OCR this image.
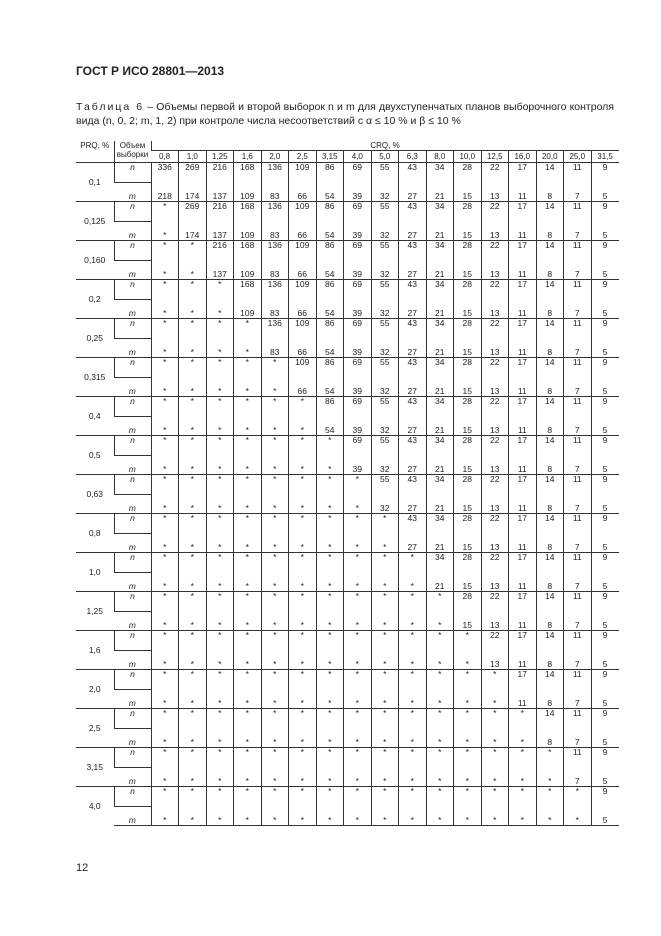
ГОСТ Р ИСО 28801—2013
Таблица 6 – Объемы первой и второй выборок n и m для двухступенчатых планов выборочного контроля вида (n, 0, 2; m, 1, 2) при контроле числа несоответствий с α ≤ 10 % и β ≤ 10 %
PRQ, %	Объем
выборки	CRQ, %																
		0,8	1,0	1,25	1,6	2,0	2,5	3,15	4,0	5,0	6,3	8,0	10,0	12,5	16,0	20,0	25,0	31,5
0,1	n	336	269	216	168	136	109	86	69	55	43	34	28	22	17	14	11	9
	m	218	174	137	109	83	66	54	39	32	27	21	15	13	11	8	7	5
0,125	n	*	269	216	168	136	109	86	69	55	43	34	28	22	17	14	11	9
	m	*	174	137	109	83	66	54	39	32	27	21	15	13	11	8	7	5
0,160	n	*	*	216	168	136	109	86	69	55	43	34	28	22	17	14	11	9
	m	*	*	137	109	83	66	54	39	32	27	21	15	13	11	8	7	5
0,2	n	*	*	*	168	136	109	86	69	55	43	34	28	22	17	14	11	9
	m	*	*	*	109	83	66	54	39	32	27	21	15	13	11	8	7	5
0,25	n	*	*	*	*	136	109	86	69	55	43	34	28	22	17	14	11	9
	m	*	*	*	*	83	66	54	39	32	27	21	15	13	11	8	7	5
0,315	n	*	*	*	*	*	109	86	69	55	43	34	28	22	17	14	11	9
	m	*	*	*	*	*	66	54	39	32	27	21	15	13	11	8	7	5
0,4	n	*	*	*	*	*	*	86	69	55	43	34	28	22	17	14	11	9
	m	*	*	*	*	*	*	54	39	32	27	21	15	13	11	8	7	5
0,5	n	*	*	*	*	*	*	*	69	55	43	34	28	22	17	14	11	9
	m	*	*	*	*	*	*	*	39	32	27	21	15	13	11	8	7	5
0,63	n	*	*	*	*	*	*	*	*	55	43	34	28	22	17	14	11	9
	m	*	*	*	*	*	*	*	*	32	27	21	15	13	11	8	7	5
0,8	n	*	*	*	*	*	*	*	*	*	43	34	28	22	17	14	11	9
	m	*	*	*	*	*	*	*	*	*	27	21	15	13	11	8	7	5
1,0	n	*	*	*	*	*	*	*	*	*	*	34	28	22	17	14	11	9
	m	*	*	*	*	*	*	*	*	*	*	21	15	13	11	8	7	5
1,25	n	*	*	*	*	*	*	*	*	*	*	*	28	22	17	14	11	9
	m	*	*	*	*	*	*	*	*	*	*	*	15	13	11	8	7	5
1,6	n	*	*	*	*	*	*	*	*	*	*	*	*	22	17	14	11	9
	m	*	*	*	*	*	*	*	*	*	*	*	*	13	11	8	7	5
2,0	n	*	*	*	*	*	*	*	*	*	*	*	*	*	17	14	11	9
	m	*	*	*	*	*	*	*	*	*	*	*	*	*	11	8	7	5
2,5	n	*	*	*	*	*	*	*	*	*	*	*	*	*	*	14	11	9
	m	*	*	*	*	*	*	*	*	*	*	*	*	*	*	8	7	5
3,15	n	*	*	*	*	*	*	*	*	*	*	*	*	*	*	*	11	9
	m	*	*	*	*	*	*	*	*	*	*	*	*	*	*	*	7	5
4,0	n	*	*	*	*	*	*	*	*	*	*	*	*	*	*	*	*	9
	m	*	*	*	*	*	*	*	*	*	*	*	*	*	*	*	*	5
12
